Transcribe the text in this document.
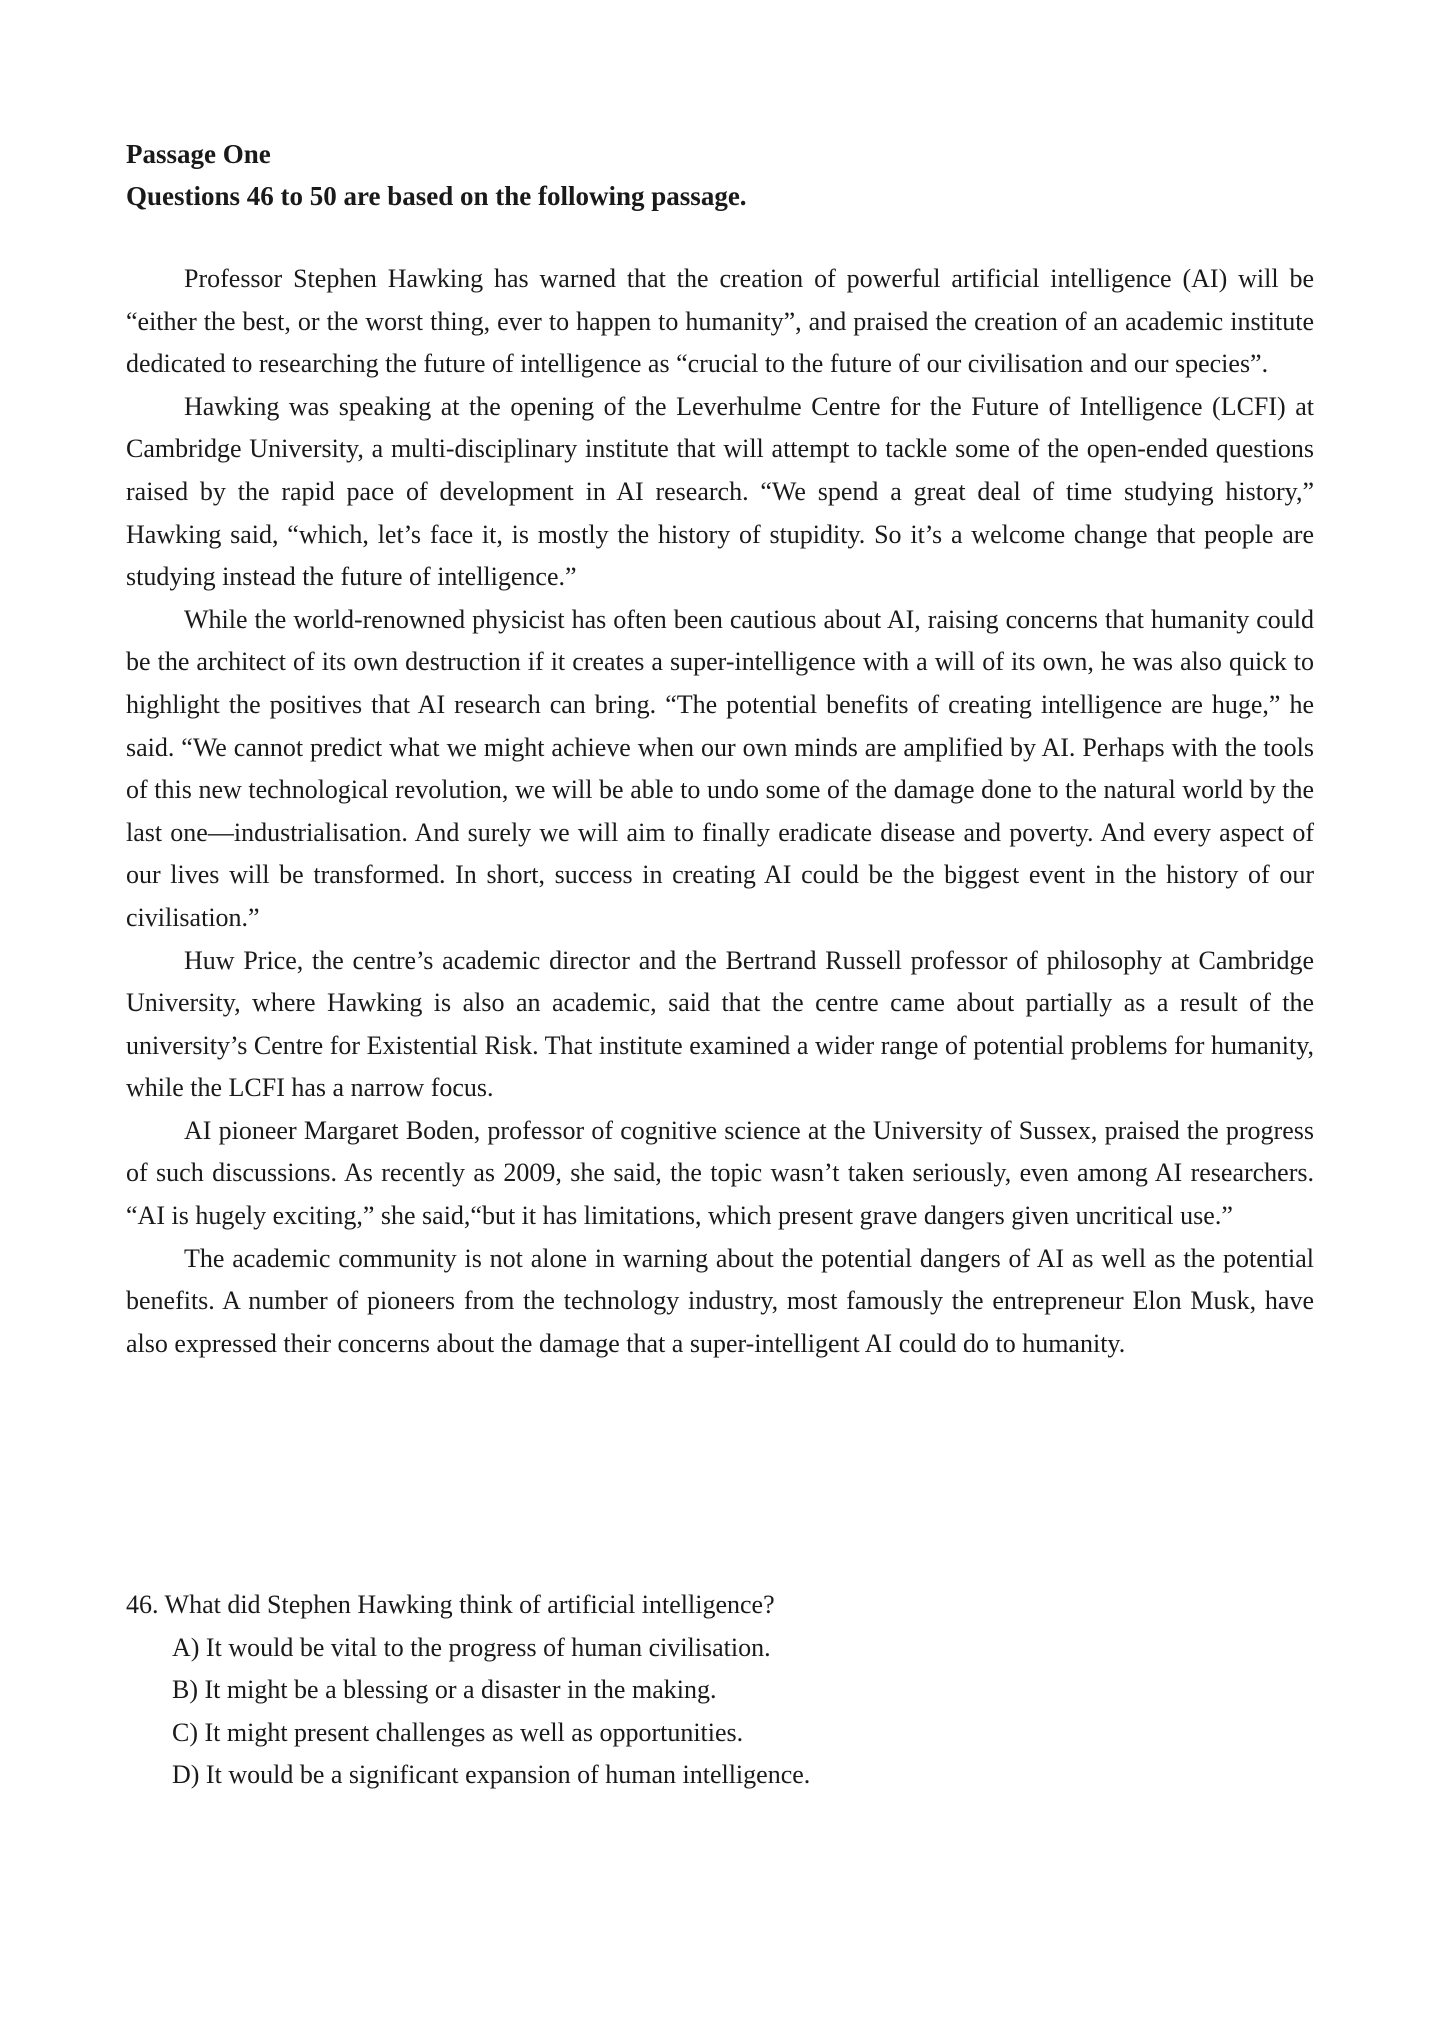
Passage One

Questions 46 to 50 are based on the following passage.

Professor Stephen Hawking has warned that the creation of powerful artificial intelligence (AI) will be “either the best, or the worst thing, ever to happen to humanity”, and praised the creation of an academic institute dedicated to researching the future of intelligence as “crucial to the future of our civilisation and our species”.

Hawking was speaking at the opening of the Leverhulme Centre for the Future of Intelligence (LCFI) at Cambridge University, a multi-disciplinary institute that will attempt to tackle some of the open-ended questions raised by the rapid pace of development in AI research. “We spend a great deal of time studying history,” Hawking said, “which, let’s face it, is mostly the history of stupidity. So it’s a welcome change that people are studying instead the future of intelligence.”

While the world-renowned physicist has often been cautious about AI, raising concerns that humanity could be the architect of its own destruction if it creates a super-intelligence with a will of its own, he was also quick to highlight the positives that AI research can bring. “The potential benefits of creating intelligence are huge,” he said. “We cannot predict what we might achieve when our own minds are amplified by AI. Perhaps with the tools of this new technological revolution, we will be able to undo some of the damage done to the natural world by the last one—industrialisation. And surely we will aim to finally eradicate disease and poverty. And every aspect of our lives will be transformed. In short, success in creating AI could be the biggest event in the history of our civilisation.”

Huw Price, the centre’s academic director and the Bertrand Russell professor of philosophy at Cambridge University, where Hawking is also an academic, said that the centre came about partially as a result of the university’s Centre for Existential Risk. That institute examined a wider range of potential problems for humanity, while the LCFI has a narrow focus.

AI pioneer Margaret Boden, professor of cognitive science at the University of Sussex, praised the progress of such discussions. As recently as 2009, she said, the topic wasn’t taken seriously, even among AI researchers. “AI is hugely exciting,” she said,“but it has limitations, which present grave dangers given uncritical use.”

The academic community is not alone in warning about the potential dangers of AI as well as the potential benefits. A number of pioneers from the technology industry, most famously the entrepreneur Elon Musk, have also expressed their concerns about the damage that a super-intelligent AI could do to humanity.

46. What did Stephen Hawking think of artificial intelligence?

A) It would be vital to the progress of human civilisation.
B) It might be a blessing or a disaster in the making.
C) It might present challenges as well as opportunities.
D) It would be a significant expansion of human intelligence.
